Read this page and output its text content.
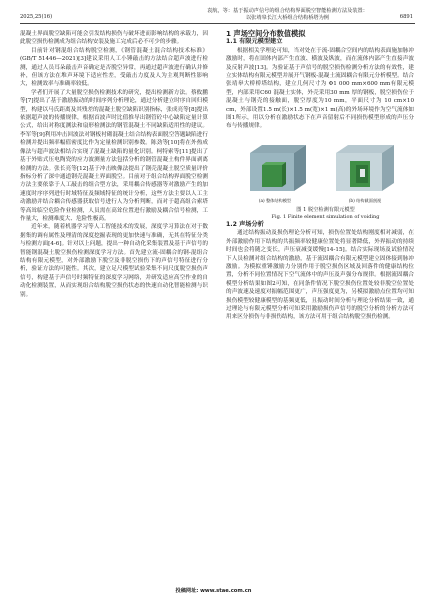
袁航，等：基于振动声信号的组合结构界面脱空智能检测方法及装置：
以张靖皋长江大桥组合结构桥塔为例
2025,25(16)	6891

混凝土界面脱空缺陷可能会引发结构损伤与破坏进而影响结构的承载力，因此脱空损伤检测成为组合结构安装及施工完成后必不可少的步骤。

目前针对钢混组合结构脱空检测，《钢管混凝土混合结构技术标准》(GB/T 51446—2021)[3]建议采用人工小锤敲击的方法结合超声波进行检测，通过人员耳朵敲击声音确定是否脱空异常，再通过超声波进行确认并修补，但该方法在堆声环境下适应性差，受敲击力度及人为主观判断性影响大，检测效率与准确率较低。

学者们开展了大量脱空损伤检测技术的研究，提出检测新方法。蔡攸鹏等[7]提出了基于激励振动的时间序列分析理论，通过分析建立时序自回归模型，构建以马氏距离及其残差的混凝土脱空缺陷识别指标，张成亮等[8]提出依据超声波的传播规律，根据首波声时比值推导出钢管砼中心缺陷定量计算公式，给出对称度测法和扇形检测法的钢管混凝土不同缺陷适用性的建议。李军等[9]利用冲击回波法对钢板衬砌混凝土结合结构表面脱空答题缺陷进行检测并提出频率幅值密度比作为定量检测识别参数。陈劲等[10]将在外热成像法与超声波法相结合实现了混凝土缺陷的量化识别。柯特索等[11]提出了基于外贴式压电陶瓷的应力波测量方法包括分析的钢管混凝土构件界面剥离检测的方法。张长亮等[12]基于冲击映像法提出了钢壳混凝土脱空质量评价指标分析了深中通道钢壳混凝土界面脱空。目前对于组合结构界面脱空检测方法主要依靠于人工敲击的组合型方法，采用耦合传感器等对激励产生的加速度时序序列进行时域特征及频域特征的统计分析，这些方法主要以人工主动激励并结合耦合传感器获取信号进行人为分析判断，而对于超高组合索塔等高耸临空危险作业检测，人员需在高耸位置进行激励及耦合信号检测，工作量大，检测难度大、危险性极高。

近年来，随着机器学习等人工智能技术的发展，深度学习算法在对于数据集的调有属性及理清的深度挖掘表现的更加快速与准确，无其在特征分类与检测方面[4-6]。针对以上问题，提出一种自动化采集装置及基于声信号的智能钢混凝土脱空损伤检测深度学习方法。首先建立流-固耦合的钢-混组合结构有限元模型，对外部激励下脱空及非脱空损伤下的声信号特征进行分析，验证方法的可能性。其次，建立足尺模型试验采集不同尺度脱空损伤声信号，构建基于声信号时频特征的深度学习网络，并研发适应高空作业的自动化检测装置，从而实现组合结构脱空损伤状态的快速自动化智能检测与识别。

1 声场空间分布数值模拟

1.1 有限元模型建立

根据相关学理论可知，当对处在于流-固耦合空间内的结构表面施加脉冲激励时，将在固体内部产生直波、横波及纵波，而在流体内部产生直接声波及反射声波[13]。为验证基于声信号的脱空损伤检测分析方法的有效性，建立实体结构有限元模型并展开气钢板-混凝土流固耦合有限元分析模型。结合张靖皋大桥桥塔结构，建立几何尺寸为 Φ1 000 mm×600 mm有限元模型，内部采用C60 混凝土实体，外壳采用30 mm 厚的钢板，脱空损伤位于混凝土与钢壳的接触面，脱空厚度为10 mm，平面尺寸为 10 cm×10 cm，外部设置1.5 m(长)×1.5 m(宽)×1 m(高)的外场环境作为空气流体如图1所示，用以分析在激励状态下在声音留射后不同损伤模型形成的声压分布与传播规律。

(a) 整体结构模型	(b) 结构截面剖视

图 1 脱空检测有限元模型

Fig. 1 Finite element simulation of voiding

1.2 声场分析

通过结构振动及损伤理论分析可知，损伤位置处结构刚度相对减弱，在外部激励作用下结构的共振频率较健康位置处将显著降低，外界振动的持续时间也会将随之变长，声压衰减变缓慢[14-15]。结合实际现场及试验情况下人员检测对组合结构的激励，基于流固耦合有限元模型建立固体接到脉冲激励。为模拟重锤激励力分别作用于脱空损伤区域及回落件的健康结构位置，分析不同位置情况下空气流体中的声压及声强分布规律。根据流固耦合模型分析结果如图2可知，在同条件情况下脱空损伤位置处较非脱空位置处的声波速及速度对振幅范围更广，声压强度更为，另模拟激励点位置均可知损伤模型较健康模型的基频更低，且振动时间分析与理论分析结果一致，通过理论与有限元模型分析可知采用激励损伤声信号的脱空分析的分析方法可用来区分损伤与非损伤结构，该方法可用于组合结构脱空损伤检测。

投稿网址: www.stae.com.cn
